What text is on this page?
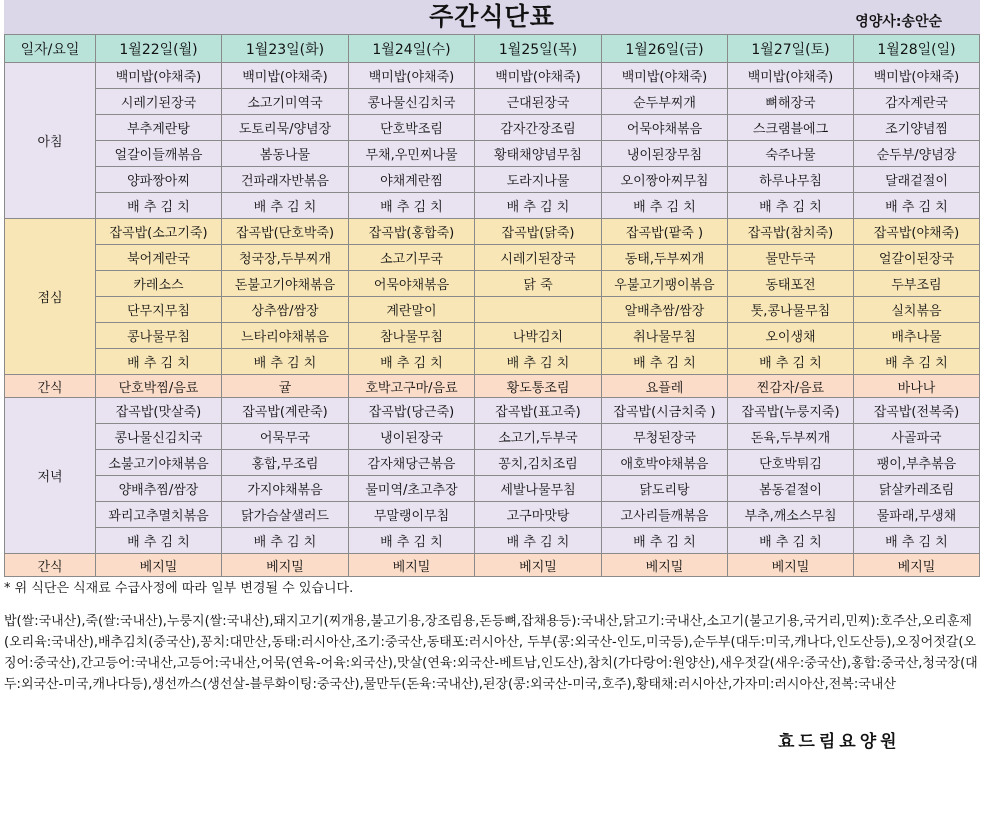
주간식단표	영양사:송안순
일자/요일	1월22일(월)	1월23일(화)	1월24일(수)	1월25일(목)	1월26일(금)	1월27일(토)	1월28일(일)
아침	백미밥(야채죽)	백미밥(야채죽)	백미밥(야채죽)	백미밥(야채죽)	백미밥(야채죽)	백미밥(야채죽)	백미밥(야채죽)
	시레기된장국	소고기미역국	콩나물신김치국	근대된장국	순두부찌개	뼈해장국	감자계란국
	부추계란탕	도토리묵/양념장	단호박조림	감자간장조림	어묵야채볶음	스크램블에그	조기양념찜
	얼갈이들깨볶음	봄동나물	무채,우민찌나물	황태채양념무침	냉이된장무침	숙주나물	순두부/양념장
	양파짱아찌	건파래자반볶음	야채계란찜	도라지나물	오이짱아찌무침	하루나무침	달래겉절이
	배 추 김 치	배 추 김 치	배 추 김 치	배 추 김 치	배 추 김 치	배 추 김 치	배 추 김 치
점심	잡곡밥(소고기죽)	잡곡밥(단호박죽)	잡곡밥(홍합죽)	잡곡밥(닭죽)	잡곡밥(팥죽 )	잡곡밥(참치죽)	잡곡밥(야채죽)
	북어계란국	청국장,두부찌개	소고기무국	시레기된장국	동태,두부찌개	물만두국	얼갈이된장국
	카레소스	돈불고기야채볶음	어묵야채볶음	닭 죽	우불고기팽이볶음	동태포전	두부조림
	단무지무침	상추쌈/쌈장	계란말이		알배추쌈/쌈장	톳,콩나물무침	실치볶음
	콩나물무침	느타리야채볶음	참나물무침	나박김치	취나물무침	오이생채	배추나물
	배 추 김 치	배 추 김 치	배 추 김 치	배 추 김 치	배 추 김 치	배 추 김 치	배 추 김 치
간식	단호박찜/음료	귤	호박고구마/음료	황도통조림	요플레	찐감자/음료	바나나
저녁	잡곡밥(맛살죽)	잡곡밥(계란죽)	잡곡밥(당근죽)	잡곡밥(표고죽)	잡곡밥(시금치죽 )	잡곡밥(누룽지죽)	잡곡밥(전복죽)
	콩나물신김치국	어묵무국	냉이된장국	소고기,두부국	무청된장국	돈육,두부찌개	사골파국
	소불고기야채볶음	홍합,무조림	감자채당근볶음	꽁치,김치조림	애호박야채볶음	단호박튀김	팽이,부추볶음
	양배추찜/쌈장	가지야채볶음	물미역/초고추장	세발나물무침	닭도리탕	봄동겉절이	닭살카레조림
	꽈리고추멸치볶음	닭가슴살샐러드	무말랭이무침	고구마맛탕	고사리들깨볶음	부추,깨소스무침	물파래,무생채
	배 추 김 치	배 추 김 치	배 추 김 치	배 추 김 치	배 추 김 치	배 추 김 치	배 추 김 치
간식	베지밀	베지밀	베지밀	베지밀	베지밀	베지밀	베지밀

* 위 식단은 식재료 수급사정에 따라 일부 변경될 수 있습니다.

밥(쌀:국내산),죽(쌀:국내산),누룽지(쌀:국내산),돼지고기(찌개용,불고기용,장조림용,돈등뼈,잡채용등):국내산,닭고기:국내산,소고기(불고기용,국거리,민찌):호주산,오리훈제(오리육:국내산),배추김치(중국산),꽁치:대만산,동태:러시아산,조기:중국산,동태포:러시아산, 두부(콩:외국산-인도,미국등),순두부(대두:미국,캐나다,인도산등),오징어젓갈(오징어:중국산),간고등어:국내산,고등어:국내산,어묵(연육-어육:외국산),맛살(연육:외국산-베트남,인도산),참치(가다랑어:원양산),새우젓갈(새우:중국산),홍합:중국산,청국장(대두:외국산-미국,캐나다등),생선까스(생선살-블루화이팅:중국산),물만두(돈육:국내산),된장(콩:외국산-미국,호주),황태채:러시아산,가자미:러시아산,전복:국내산

효드림요양원
